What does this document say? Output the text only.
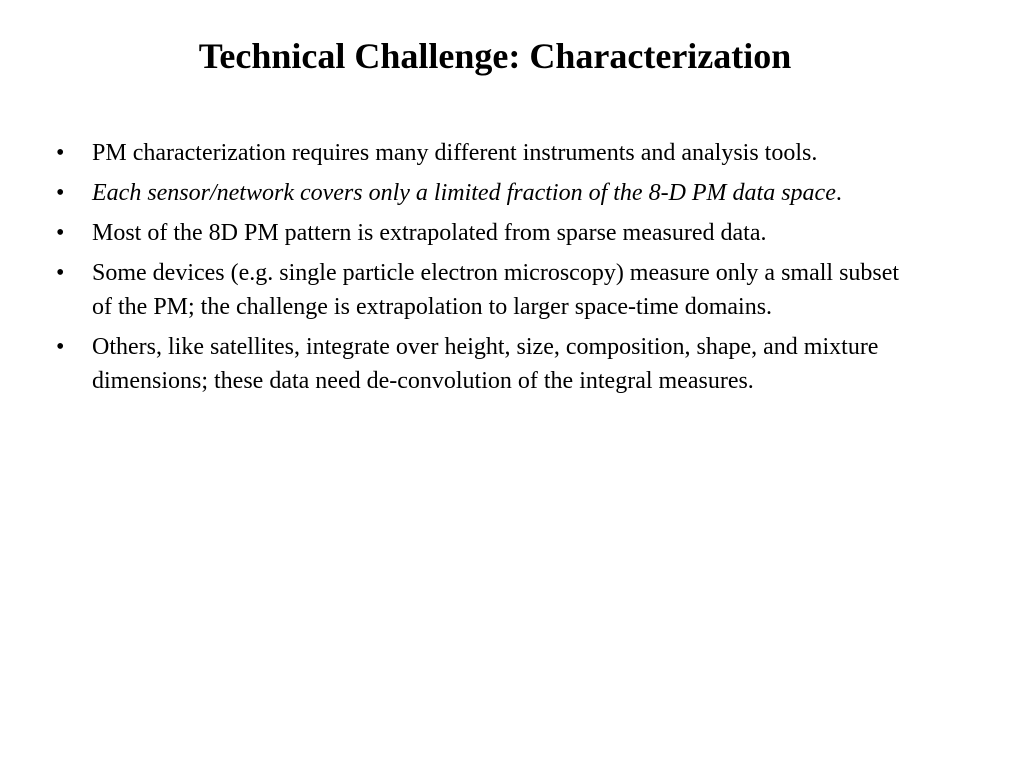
Technical Challenge: Characterization
•	PM characterization requires many different instruments and analysis tools.
•	Each sensor/network covers only a limited fraction of the 8-D PM data space.
•	Most of the 8D PM pattern is extrapolated from sparse measured data.
•	Some devices (e.g. single particle electron microscopy) measure only a small subset of the PM; the challenge is extrapolation to larger space-time domains.
•	Others, like satellites, integrate over height, size, composition, shape, and mixture dimensions; these data need de-convolution of the integral measures.
